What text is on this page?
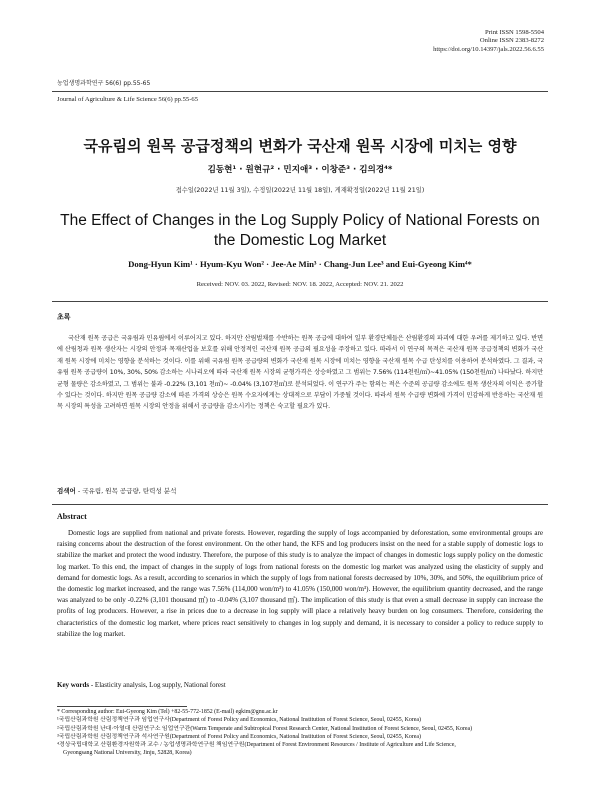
Print ISSN 1598-5504
Online ISSN 2383-8272
https://doi.org/10.14397/jals.2022.56.6.55
농업생명과학연구 56(6) pp.55-65
Journal of Agriculture & Life Science 56(6) pp.55-65
국유림의 원목 공급정책의 변화가 국산재 원목 시장에 미치는 영향
김동현¹ · 원현규² · 민지애³ · 이창준³ · 김의경⁴*
접수일(2022년 11월 3일), 수정일(2022년 11월 18일), 게재확정일(2022년 11월 21일)
The Effect of Changes in the Log Supply Policy of National Forests on the Domestic Log Market
Dong-Hyun Kim¹ · Hyum-Kyu Won² · Jee-Ae Min³ · Chang-Jun Lee³ and Eui-Gyeong Kim⁴*
Received: NOV. 03. 2022, Revised: NOV. 18. 2022, Accepted: NOV. 21. 2022
초록
국산재 원목 공급은 국유림과 민유림에서 이루어지고 있다. 하지만 산림벌채를 수반하는 원목 공급에 대하여 일부 환경단체들은 산림환경의 파괴에 대한 우려를 제기하고 있다. 반면에 산림청과 원목 생산자는 시장의 안정과 목재산업을 보호를 위해 안정적인 국산재 원목 공급의 필요성을 주장하고 있다. 따라서 이 연구의 목적은 국산재 원목 공급정책의 변화가 국산재 원목 시장에 미치는 영향을 분석하는 것이다. 이를 위해 국유림 원목 공급량의 변화가 국산재 원목 시장에 미치는 영향을 국산재 원목 수급 탄성치를 이용하여 분석하였다. 그 결과, 국유림 원목 공급량이 10%, 30%, 50% 감소하는 시나리오에 따라 국산재 원목 시장의 균형가격은 상승하였고 그 범위는 7.56% (114천원/㎥)~41.05% (150천원/㎥) 나타났다. 하지만 균형 물량은 감소하였고, 그 범위는 불과 -0.22% (3,101 천㎥)~ -0.04% (3,107천㎥)로 분석되었다. 이 연구가 주는 함의는 적은 수준의 공급량 감소에도 원목 생산자의 이익은 증가할 수 있다는 것이다. 하지만 원목 공급량 감소에 따른 가격의 상승은 원목 수요자에게는 상대적으로 부담이 가중될 것이다. 따라서 원목 수급량 변화에 가격이 민감하게 반응하는 국산재 원목 시장의 특성을 고려하면 원목 시장의 안정을 위해서 공급량을 감소시키는 정책은 숙고할 필요가 있다.
검색어 - 국유림, 원목 공급량, 탄력성 분석
Abstract
Domestic logs are supplied from national and private forests. However, regarding the supply of logs accompanied by deforestation, some environmental groups are raising concerns about the destruction of the forest environment. On the other hand, the KFS and log producers insist on the need for a stable supply of domestic logs to stabilize the market and protect the wood industry. Therefore, the purpose of this study is to analyze the impact of changes in domestic logs supply policy on the domestic log market. To this end, the impact of changes in the supply of logs from national forests on the domestic log market was analyzed using the elasticity of supply and demand for domestic logs. As a result, according to scenarios in which the supply of logs from national forests decreased by 10%, 30%, and 50%, the equilibrium price of the domestic log market increased, and the range was 7.56% (114,000 won/m³) to 41.05% (150,000 won/m³). However, the equilibrium quantity decreased, and the range was analyzed to be only -0.22% (3,101 thousand ㎥) to -0.04% (3,107 thousand ㎥). The implication of this study is that even a small decrease in supply can increase the profits of log producers. However, a rise in prices due to a decrease in log supply will place a relatively heavy burden on log consumers. Therefore, considering the characteristics of the domestic log market, where prices react sensitively to changes in log supply and demand, it is necessary to consider a policy to reduce supply to stabilize the log market.
Key words - Elasticity analysis, Log supply, National forest
* Corresponding author: Eui-Gyeong Kim (Tel) +82-55-772-1852 (E-mail) egkim@gnu.ac.kr
¹국립산림과학원 산림정책연구과 임업연구사(Department of Forest Policy and Economics, National Institution of Forest Science, Seoul, 02455, Korea)
²국립산림과학원 난대·아열대 산림연구소 임업연구관(Warm Temperate and Subtropical Forest Research Center, National Institution of Forest Science, Seoul, 02455, Korea)
³국립산림과학원 산림정책연구과 석사연구원(Department of Forest Policy and Economics, National Institution of Forest Science, Seoul, 02455, Korea)
⁴경상국립대학교 산림환경자원학과 교수 / 농업생명과학연구원 책임연구원(Department of Forest Environment Resources / Institute of Agriculture and Life Science,
Gyeongsang National University, Jinju, 52828, Korea)
